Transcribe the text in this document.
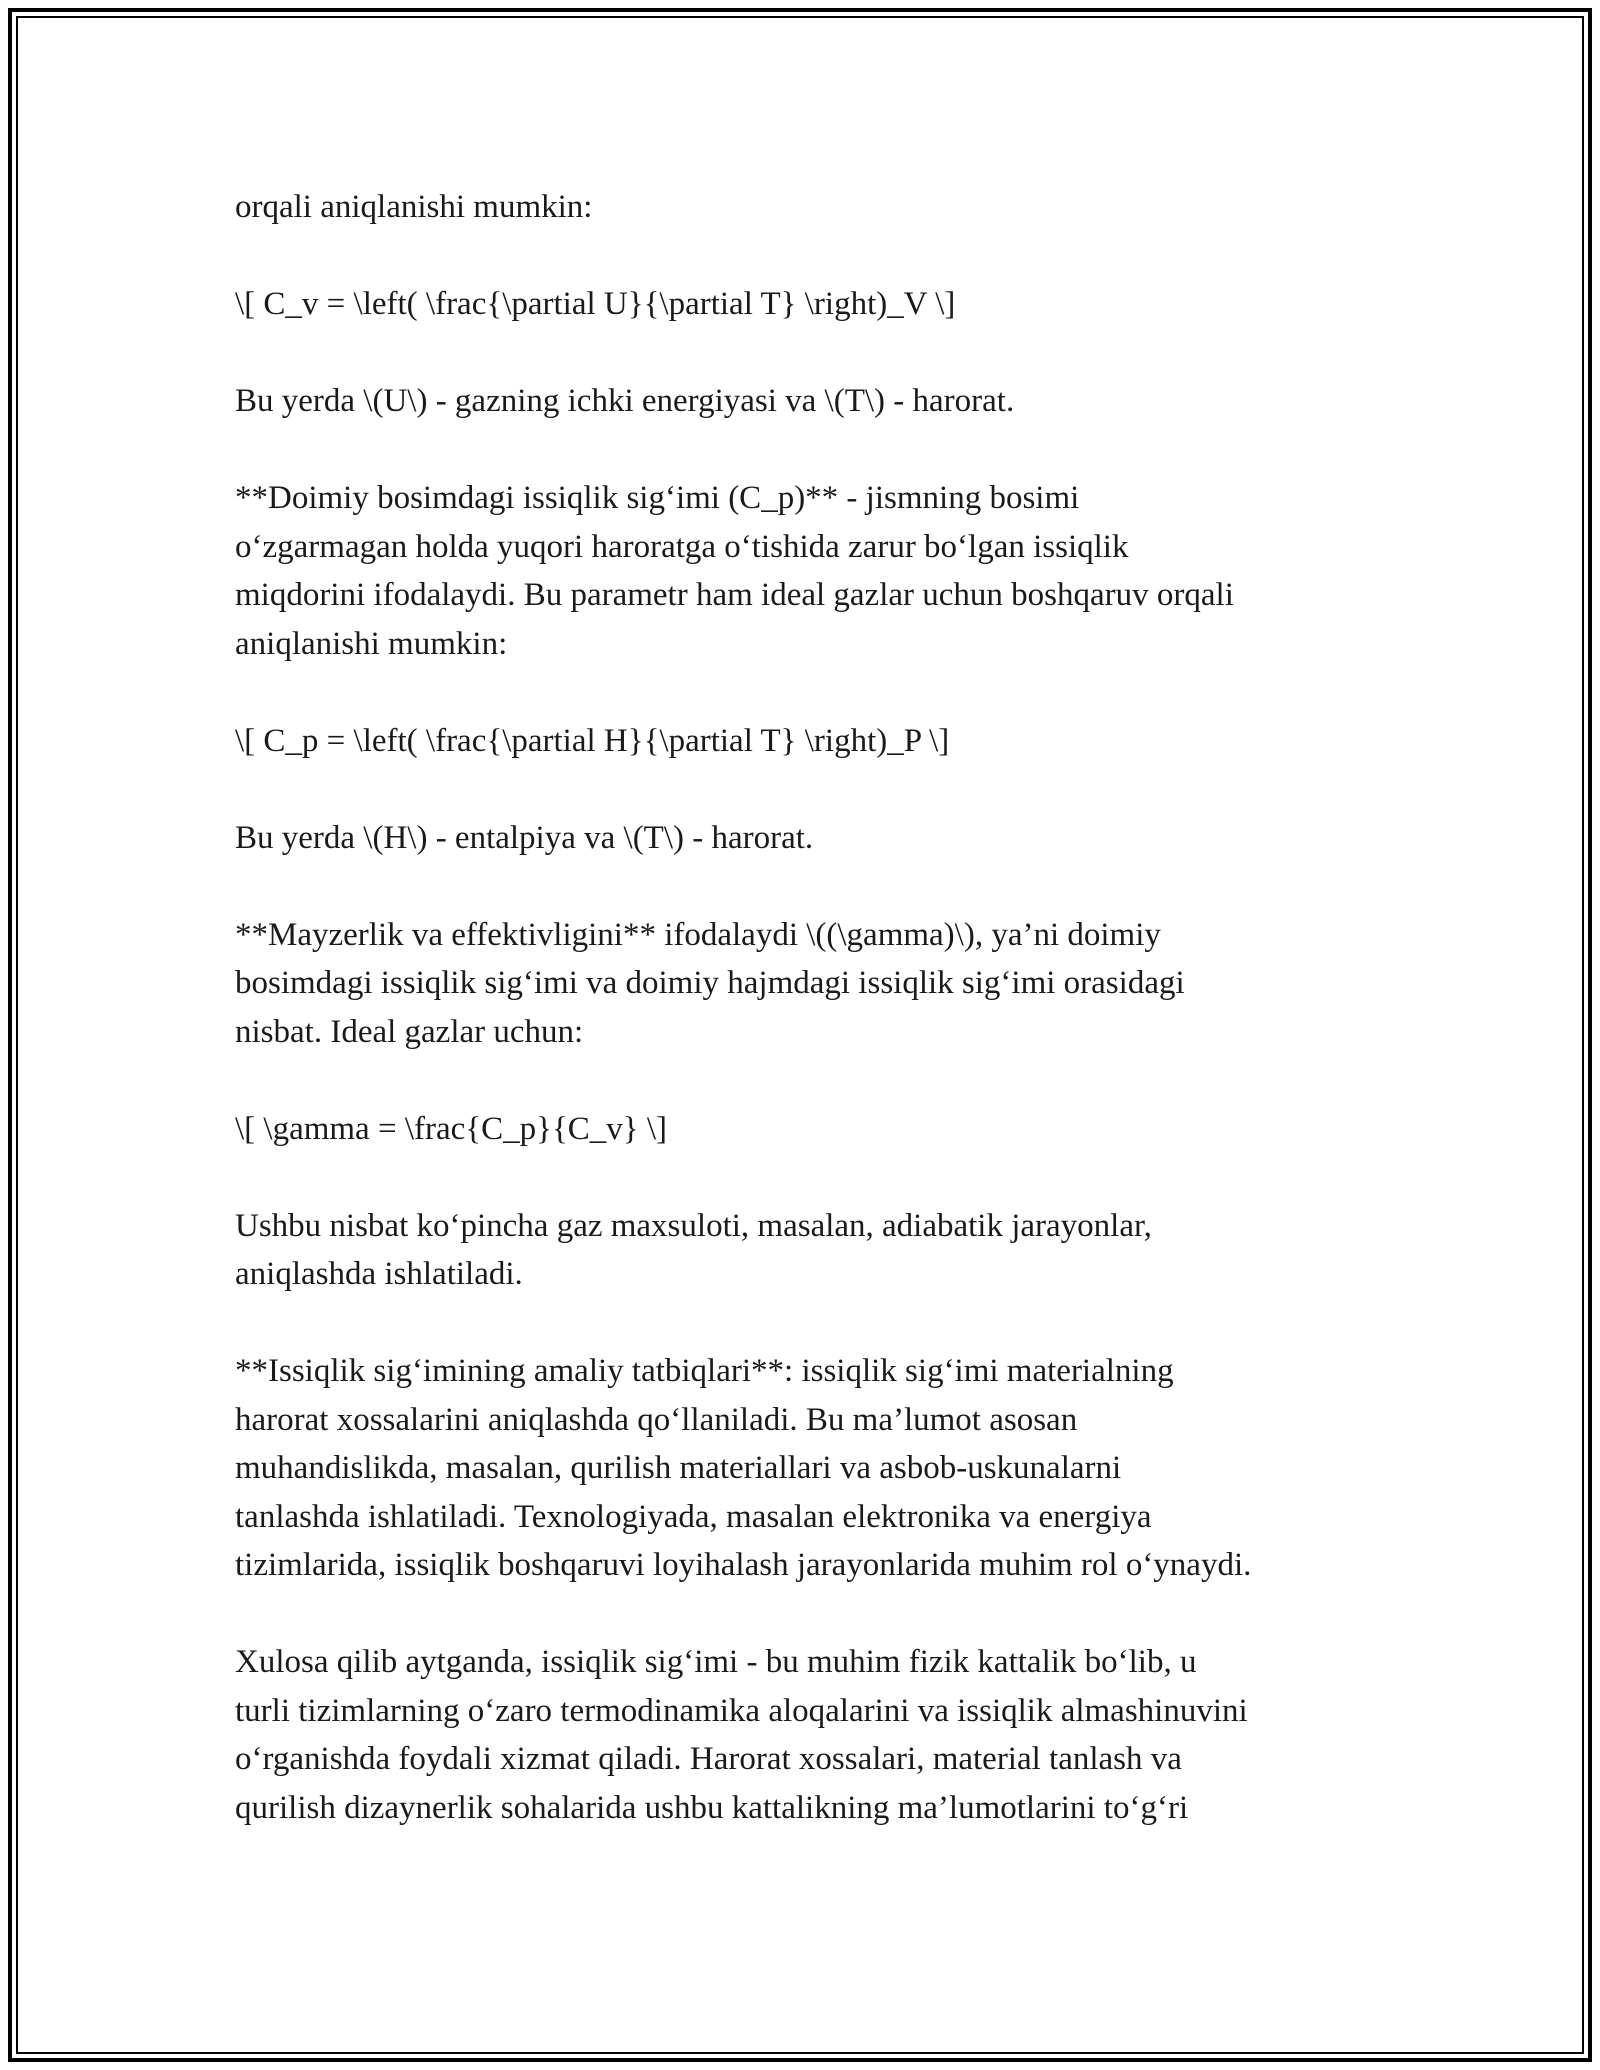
orqali aniqlanishi mumkin:

\[ C_v = \left( \frac{\partial U}{\partial T} \right)_V \]

Bu yerda \(U\) - gazning ichki energiyasi va \(T\) - harorat.

**Doimiy bosimdagi issiqlik sig‘imi (C_p)** - jismning bosimi
o‘zgarmagan holda yuqori haroratga o‘tishida zarur bo‘lgan issiqlik
miqdorini ifodalaydi. Bu parametr ham ideal gazlar uchun boshqaruv orqali
aniqlanishi mumkin:

\[ C_p = \left( \frac{\partial H}{\partial T} \right)_P \]

Bu yerda \(H\) - entalpiya va \(T\) - harorat.

**Mayzerlik va effektivligini** ifodalaydi \((\gamma)\), ya’ni doimiy
bosimdagi issiqlik sig‘imi va doimiy hajmdagi issiqlik sig‘imi orasidagi
nisbat. Ideal gazlar uchun:

\[ \gamma = \frac{C_p}{C_v} \]

Ushbu nisbat ko‘pincha gaz maxsuloti, masalan, adiabatik jarayonlar,
aniqlashda ishlatiladi.

**Issiqlik sig‘imining amaliy tatbiqlari**: issiqlik sig‘imi materialning
harorat xossalarini aniqlashda qo‘llaniladi. Bu ma’lumot asosan
muhandislikda, masalan, qurilish materiallari va asbob-uskunalarni
tanlashda ishlatiladi. Texnologiyada, masalan elektronika va energiya
tizimlarida, issiqlik boshqaruvi loyihalash jarayonlarida muhim rol o‘ynaydi.

Xulosa qilib aytganda, issiqlik sig‘imi - bu muhim fizik kattalik bo‘lib, u
turli tizimlarning o‘zaro termodinamika aloqalarini va issiqlik almashinuvini
o‘rganishda foydali xizmat qiladi. Harorat xossalari, material tanlash va
qurilish dizaynerlik sohalarida ushbu kattalikning ma’lumotlarini to‘g‘ri
